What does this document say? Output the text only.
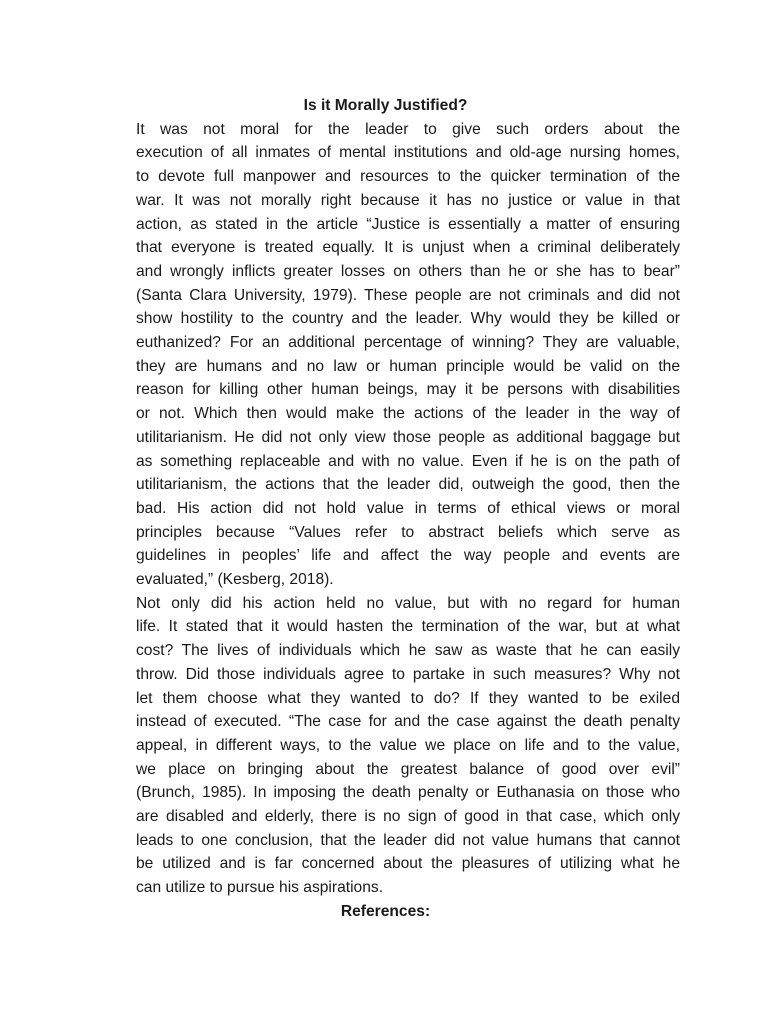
Is it Morally Justified?
It was not moral for the leader to give such orders about the
execution of all inmates of mental institutions and old-age nursing homes,
to devote full manpower and resources to the quicker termination of the
war. It was not morally right because it has no justice or value in that
action, as stated in the article “Justice is essentially a matter of ensuring
that everyone is treated equally. It is unjust when a criminal deliberately
and wrongly inflicts greater losses on others than he or she has to bear”
(Santa Clara University, 1979). These people are not criminals and did not
show hostility to the country and the leader. Why would they be killed or
euthanized? For an additional percentage of winning? They are valuable,
they are humans and no law or human principle would be valid on the
reason for killing other human beings, may it be persons with disabilities
or not. Which then would make the actions of the leader in the way of
utilitarianism. He did not only view those people as additional baggage but
as something replaceable and with no value. Even if he is on the path of
utilitarianism, the actions that the leader did, outweigh the good, then the
bad. His action did not hold value in terms of ethical views or moral
principles because “Values refer to abstract beliefs which serve as
guidelines in peoples’ life and affect the way people and events are
evaluated,” (Kesberg, 2018).
Not only did his action held no value, but with no regard for human
life. It stated that it would hasten the termination of the war, but at what
cost? The lives of individuals which he saw as waste that he can easily
throw. Did those individuals agree to partake in such measures? Why not
let them choose what they wanted to do? If they wanted to be exiled
instead of executed. “The case for and the case against the death penalty
appeal, in different ways, to the value we place on life and to the value,
we place on bringing about the greatest balance of good over evil”
(Brunch, 1985). In imposing the death penalty or Euthanasia on those who
are disabled and elderly, there is no sign of good in that case, which only
leads to one conclusion, that the leader did not value humans that cannot
be utilized and is far concerned about the pleasures of utilizing what he
can utilize to pursue his aspirations.
References:
